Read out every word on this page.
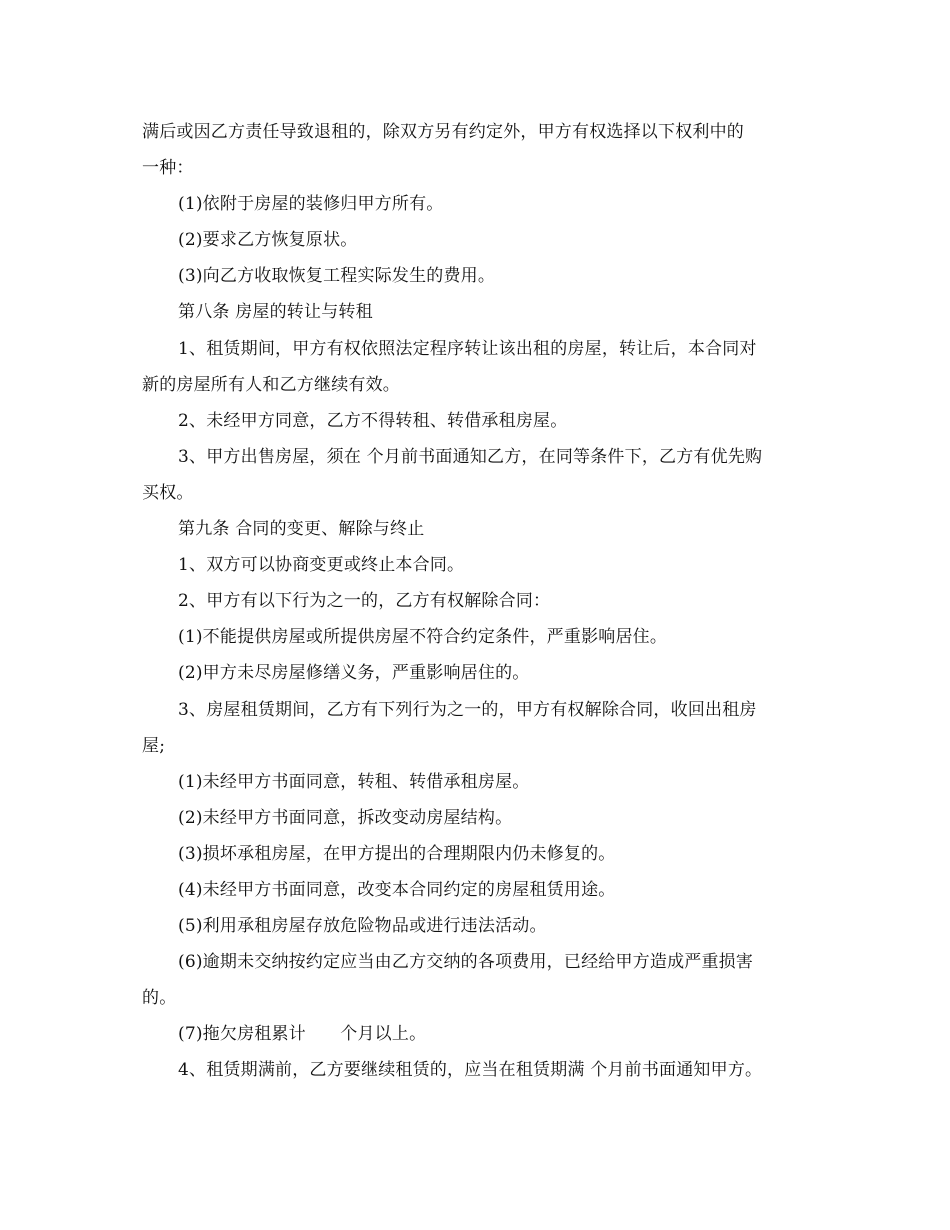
满后或因乙方责任导致退租的，除双方另有约定外，甲方有权选择以下权利中的
一种：
(1)依附于房屋的装修归甲方所有。
(2)要求乙方恢复原状。
(3)向乙方收取恢复工程实际发生的费用。
第八条 房屋的转让与转租
1、租赁期间，甲方有权依照法定程序转让该出租的房屋，转让后，本合同对
新的房屋所有人和乙方继续有效。
2、未经甲方同意，乙方不得转租、转借承租房屋。
3、甲方出售房屋，须在 个月前书面通知乙方，在同等条件下，乙方有优先购
买权。
第九条 合同的变更、解除与终止
1、双方可以协商变更或终止本合同。
2、甲方有以下行为之一的，乙方有权解除合同：
(1)不能提供房屋或所提供房屋不符合约定条件，严重影响居住。
(2)甲方未尽房屋修缮义务，严重影响居住的。
3、房屋租赁期间，乙方有下列行为之一的，甲方有权解除合同，收回出租房
屋;
(1)未经甲方书面同意，转租、转借承租房屋。
(2)未经甲方书面同意，拆改变动房屋结构。
(3)损坏承租房屋，在甲方提出的合理期限内仍未修复的。
(4)未经甲方书面同意，改变本合同约定的房屋租赁用途。
(5)利用承租房屋存放危险物品或进行违法活动。
(6)逾期未交纳按约定应当由乙方交纳的各项费用，已经给甲方造成严重损害
的。
(7)拖欠房租累计　　个月以上。
4、租赁期满前，乙方要继续租赁的，应当在租赁期满 个月前书面通知甲方。
